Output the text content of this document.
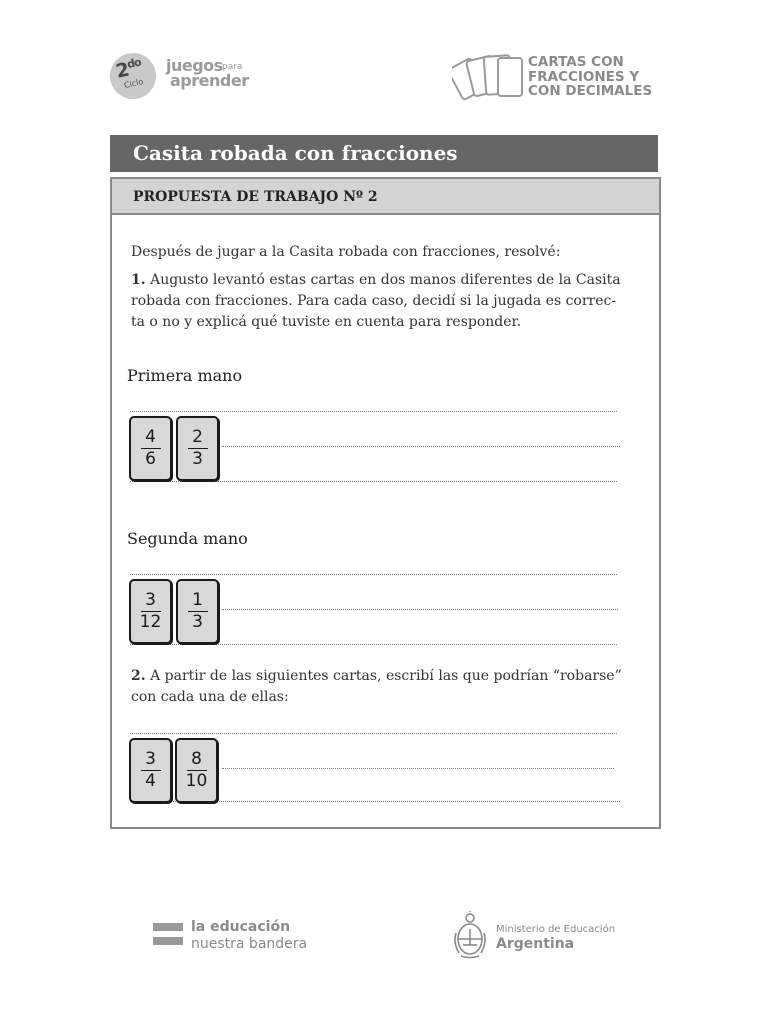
$2^{do}$
Ciclo
juegos para
aprender
CARTAS CON
FRACCIONES Y
CON DECIMALES
Casita robada con fracciones
PROPUESTA DE TRABAJO Nº 2
Después de jugar a la Casita robada con fracciones, resolvé:
1. Augusto levantó estas cartas en dos manos diferentes de la Casita
robada con fracciones. Para cada caso, decidí si la jugada es correc-
ta o no y explicá qué tuviste en cuenta para responder.
Primera mano
4
6
2
3
Segunda mano
3
12
1
3
2. A partir de las siguientes cartas, escribí las que podrían “robarse”
con cada una de ellas:
3
4
8
10
la educación
nuestra bandera
Ministerio de Educación
Argentina
